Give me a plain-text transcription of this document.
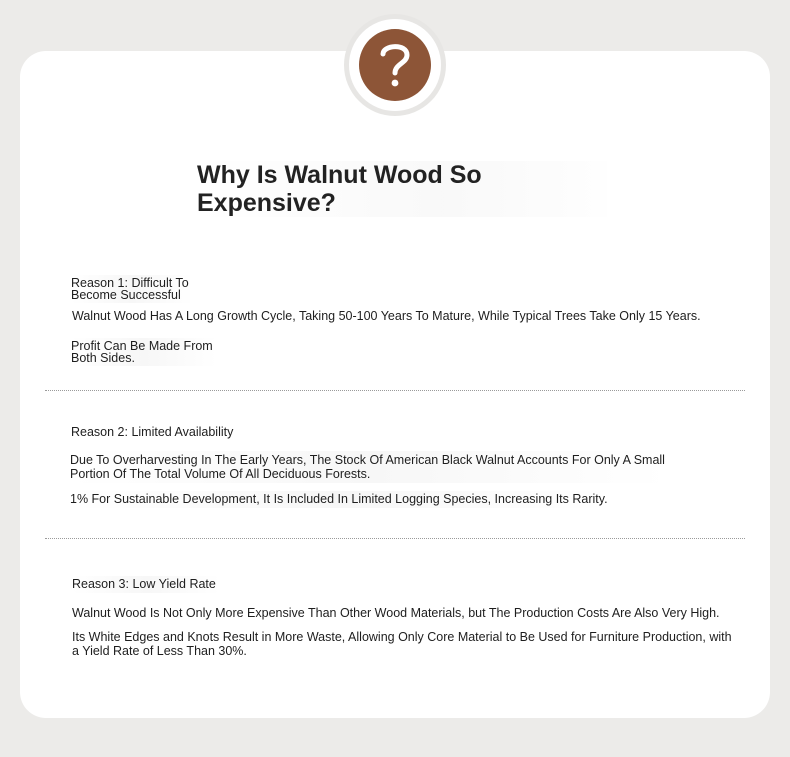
Why Is Walnut Wood So Expensive?
Reason 1: Difficult To
Become Successful
Walnut Wood Has A Long Growth Cycle, Taking 50-100 Years To Mature, While Typical Trees Take Only 15 Years.
Profit Can Be Made From
Both Sides.
Reason 2: Limited Availability
Due To Overharvesting In The Early Years, The Stock Of American Black Walnut Accounts For Only A Small
Portion Of The Total Volume Of All Deciduous Forests.
1% For Sustainable Development, It Is Included In Limited Logging Species, Increasing Its Rarity.
Reason 3: Low Yield Rate
Walnut Wood Is Not Only More Expensive Than Other Wood Materials, but The Production Costs Are Also Very High.
Its White Edges and Knots Result in More Waste, Allowing Only Core Material to Be Used for Furniture Production, with
a Yield Rate of Less Than 30%.
